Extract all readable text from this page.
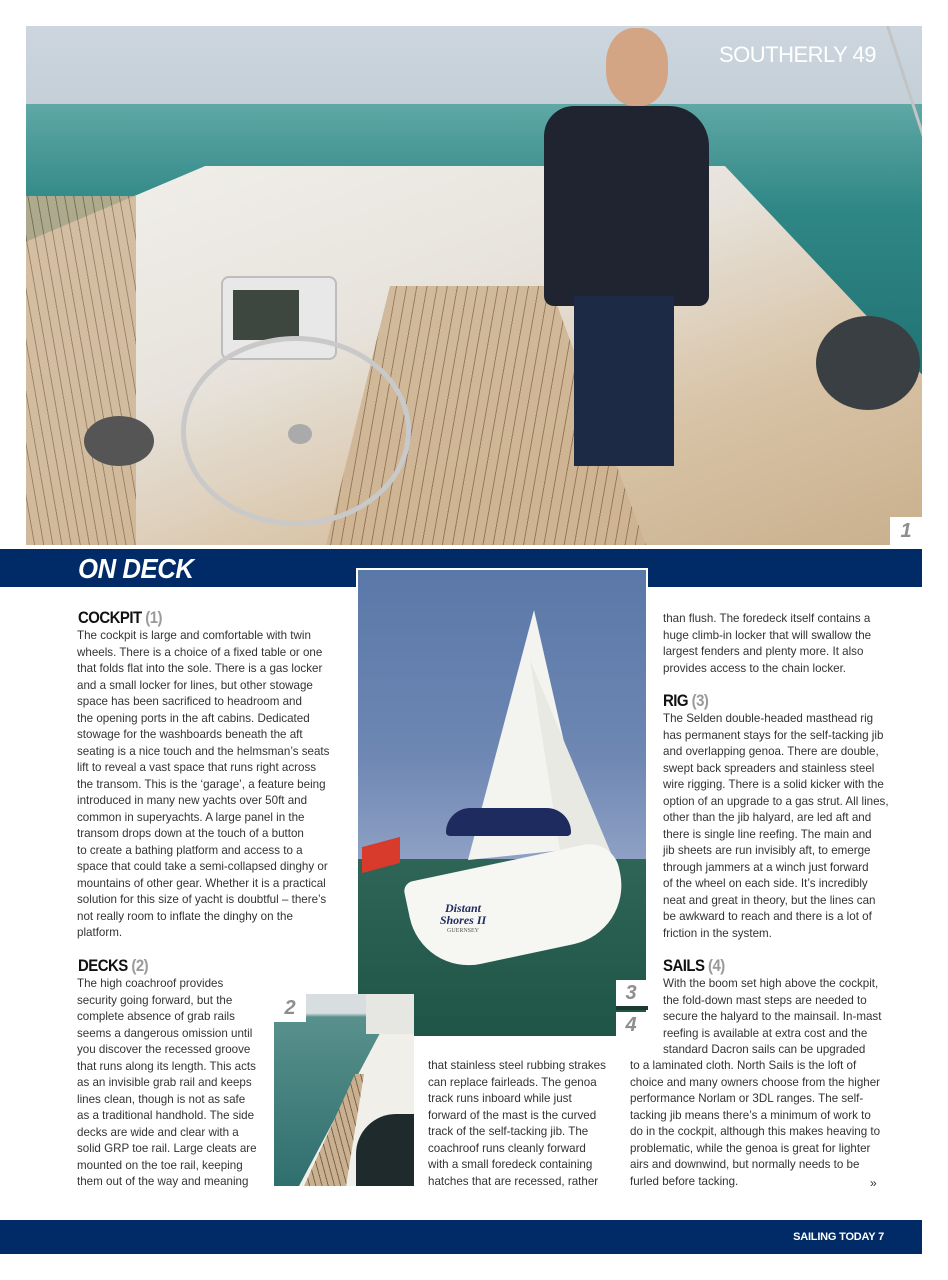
SOUTHERLY 49
1
ON DECK
Distant
Shores II
GUERNSEY
3
4
2
COCKPIT (1)
The cockpit is large and comfortable with twin
wheels. There is a choice of a fixed table or one
that folds flat into the sole. There is a gas locker
and a small locker for lines, but other stowage
space has been sacrificed to headroom and
the opening ports in the aft cabins. Dedicated
stowage for the washboards beneath the aft
seating is a nice touch and the helmsman’s seats
lift to reveal a vast space that runs right across
the transom. This is the ‘garage’, a feature being
introduced in many new yachts over 50ft and
common in superyachts. A large panel in the
transom drops down at the touch of a button
to create a bathing platform and access to a
space that could take a semi-collapsed dinghy or
mountains of other gear. Whether it is a practical
solution for this size of yacht is doubtful – there’s
not really room to inflate the dinghy on the
platform.
DECKS (2)
The high coachroof provides
security going forward, but the
complete absence of grab rails
seems a dangerous omission until
you discover the recessed groove
that runs along its length. This acts
as an invisible grab rail and keeps
lines clean, though is not as safe
as a traditional handhold. The side
decks are wide and clear with a
solid GRP toe rail. Large cleats are
mounted on the toe rail, keeping
them out of the way and meaning
that stainless steel rubbing strakes
can replace fairleads. The genoa
track runs inboard while just
forward of the mast is the curved
track of the self-tacking jib. The
coachroof runs cleanly forward
with a small foredeck containing
hatches that are recessed, rather
than flush. The foredeck itself contains a
huge climb-in locker that will swallow the
largest fenders and plenty more. It also
provides access to the chain locker.
RIG (3)
The Selden double-headed masthead rig
has permanent stays for the self-tacking jib
and overlapping genoa. There are double,
swept back spreaders and stainless steel
wire rigging. There is a solid kicker with the
option of an upgrade to a gas strut. All lines,
other than the jib halyard, are led aft and
there is single line reefing. The main and
jib sheets are run invisibly aft, to emerge
through jammers at a winch just forward
of the wheel on each side. It’s incredibly
neat and great in theory, but the lines can
be awkward to reach and there is a lot of
friction in the system.
SAILS (4)
With the boom set high above the cockpit,
the fold-down mast steps are needed to
secure the halyard to the mainsail. In-mast
reefing is available at extra cost and the
standard Dacron sails can be upgraded
to a laminated cloth. North Sails is the loft of
choice and many owners choose from the higher
performance Norlam or 3DL ranges. The self-
tacking jib means there’s a minimum of work to
do in the cockpit, although this makes heaving to
problematic, while the genoa is great for lighter
airs and downwind, but normally needs to be
furled before tacking.	»
SAILING TODAY 7
